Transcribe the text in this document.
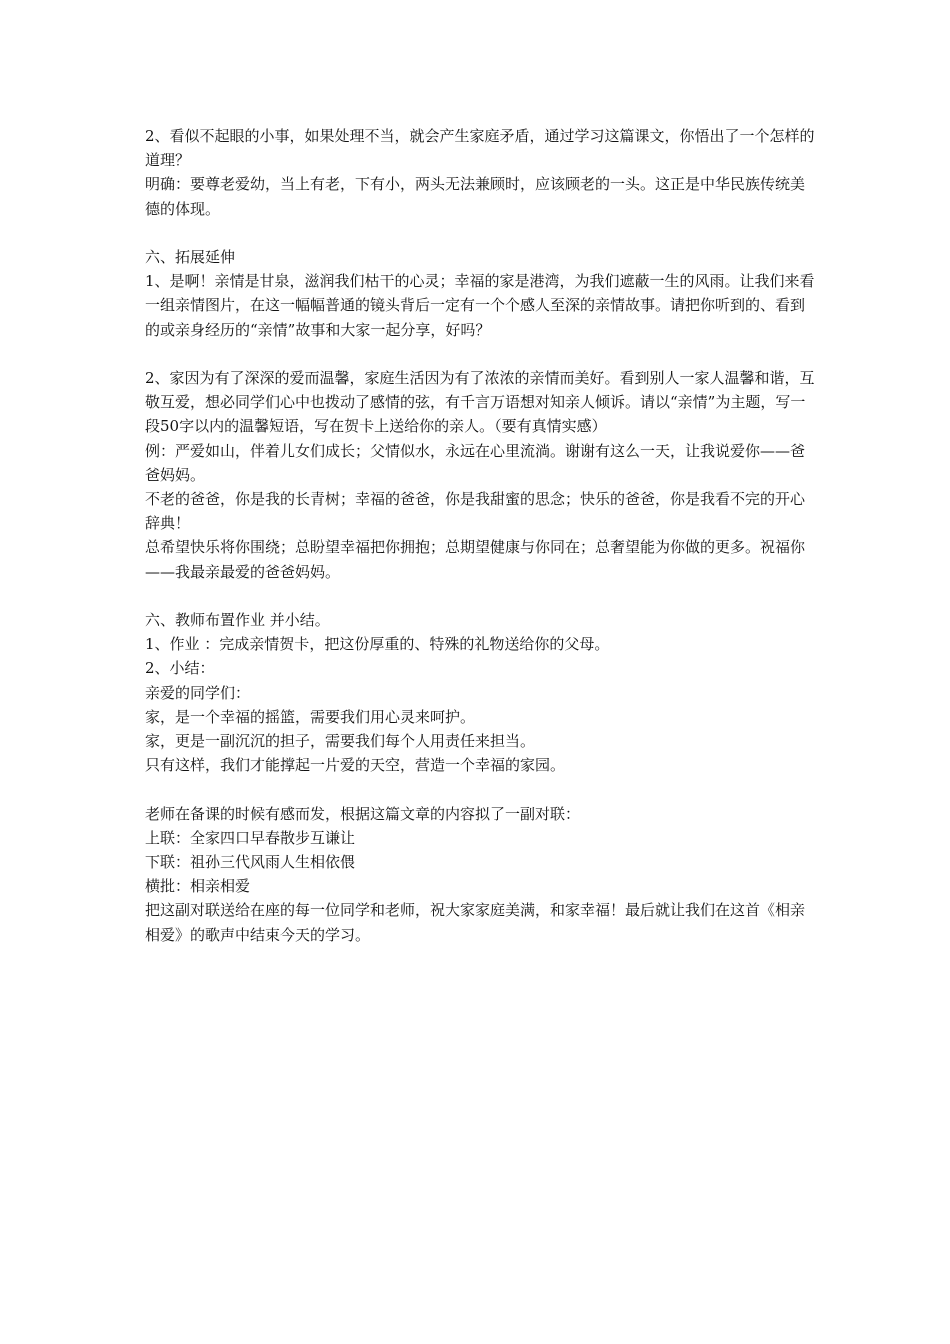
2、看似不起眼的小事，如果处理不当，就会产生家庭矛盾，通过学习这篇课文，你悟出了一个怎样的道理？

明确：要尊老爱幼，当上有老，下有小，两头无法兼顾时，应该顾老的一头。这正是中华民族传统美德的体现。

六、拓展延伸

1、是啊！亲情是甘泉，滋润我们枯干的心灵；幸福的家是港湾，为我们遮蔽一生的风雨。让我们来看一组亲情图片，在这一幅幅普通的镜头背后一定有一个个感人至深的亲情故事。请把你听到的、看到的或亲身经历的“亲情”故事和大家一起分享，好吗？

2、家因为有了深深的爱而温馨，家庭生活因为有了浓浓的亲情而美好。看到别人一家人温馨和谐，互敬互爱，想必同学们心中也拨动了感情的弦，有千言万语想对知亲人倾诉。请以“亲情”为主题，写一段50字以内的温馨短语，写在贺卡上送给你的亲人。（要有真情实感）

例：严爱如山，伴着儿女们成长；父情似水，永远在心里流淌。谢谢有这么一天，让我说爱你——爸爸妈妈。

不老的爸爸，你是我的长青树；幸福的爸爸，你是我甜蜜的思念；快乐的爸爸，你是我看不完的开心辞典！

总希望快乐将你围绕；总盼望幸福把你拥抱；总期望健康与你同在；总奢望能为你做的更多。祝福你——我最亲最爱的爸爸妈妈。

六、教师布置作业 并小结。

1、作业 ：完成亲情贺卡，把这份厚重的、特殊的礼物送给你的父母。

2、小结：

亲爱的同学们：

家，是一个幸福的摇篮，需要我们用心灵来呵护。

家，更是一副沉沉的担子，需要我们每个人用责任来担当。

只有这样，我们才能撑起一片爱的天空，营造一个幸福的家园。

老师在备课的时候有感而发，根据这篇文章的内容拟了一副对联：

上联：全家四口早春散步互谦让

下联：祖孙三代风雨人生相依偎

横批：相亲相爱

把这副对联送给在座的每一位同学和老师，祝大家家庭美满，和家幸福！最后就让我们在这首《相亲相爱》的歌声中结束今天的学习。
